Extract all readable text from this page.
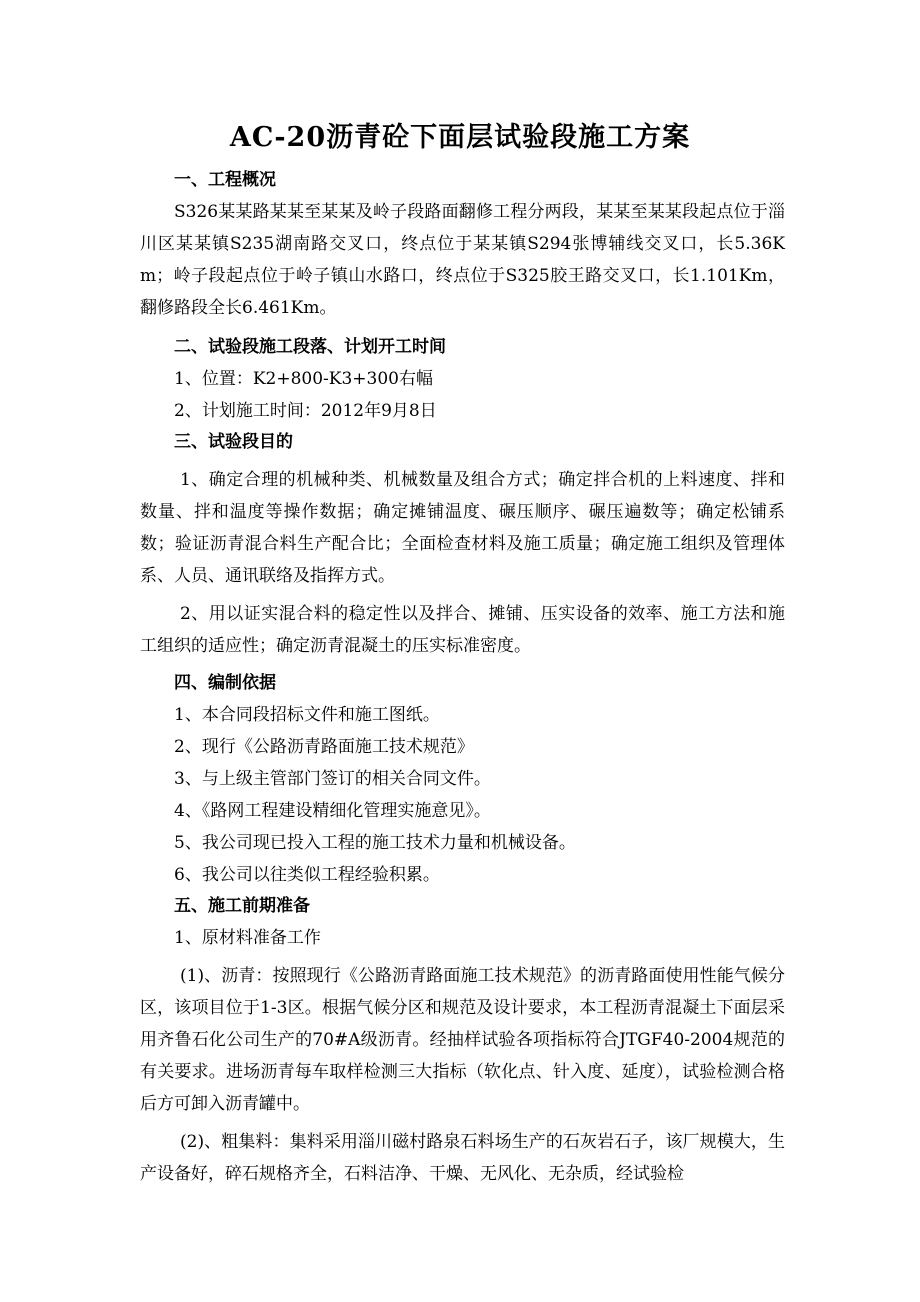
AC-20沥青砼下面层试验段施工方案

一、工程概况

S326某某路某某至某某及岭子段路面翻修工程分两段，某某至某某段起点位于淄川区某某镇S235湖南路交叉口，终点位于某某镇S294张博辅线交叉口，长5.36Km；岭子段起点位于岭子镇山水路口，终点位于S325胶王路交叉口，长1.101Km，翻修路段全长6.461Km。

二、试验段施工段落、计划开工时间

1、位置：K2+800-K3+300右幅

2、计划施工时间：2012年9月8日

三、试验段目的

1、确定合理的机械种类、机械数量及组合方式；确定拌合机的上料速度、拌和数量、拌和温度等操作数据；确定摊铺温度、碾压顺序、碾压遍数等；确定松铺系数；验证沥青混合料生产配合比；全面检查材料及施工质量；确定施工组织及管理体系、人员、通讯联络及指挥方式。

2、用以证实混合料的稳定性以及拌合、摊铺、压实设备的效率、施工方法和施工组织的适应性；确定沥青混凝土的压实标准密度。

四、编制依据

1、本合同段招标文件和施工图纸。

2、现行《公路沥青路面施工技术规范》

3、与上级主管部门签订的相关合同文件。

4、《路网工程建设精细化管理实施意见》。

5、我公司现已投入工程的施工技术力量和机械设备。

6、我公司以往类似工程经验积累。

五、施工前期准备

1、原材料准备工作

(1)、沥青：按照现行《公路沥青路面施工技术规范》的沥青路面使用性能气候分区，该项目位于1-3区。根据气候分区和规范及设计要求，本工程沥青混凝土下面层采用齐鲁石化公司生产的70#A级沥青。经抽样试验各项指标符合JTGF40-2004规范的有关要求。进场沥青每车取样检测三大指标（软化点、针入度、延度），试验检测合格后方可卸入沥青罐中。

(2)、粗集料：集料采用淄川磁村路泉石料场生产的石灰岩石子，该厂规模大，生产设备好，碎石规格齐全，石料洁净、干燥、无风化、无杂质，经试验检
